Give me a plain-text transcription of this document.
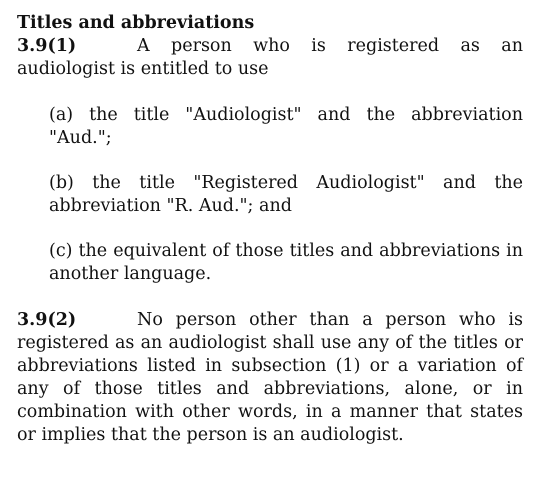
Titles and abbreviations

3.9(1)	A person who is registered as an audiologist is entitled to use

(a) the title "Audiologist" and the abbreviation "Aud.";

(b) the title "Registered Audiologist" and the abbreviation "R. Aud."; and

(c) the equivalent of those titles and abbreviations in another language.

3.9(2)	No person other than a person who is registered as an audiologist shall use any of the titles or abbreviations listed in subsection (1) or a variation of any of those titles and abbreviations, alone, or in combination with other words, in a manner that states or implies that the person is an audiologist.
